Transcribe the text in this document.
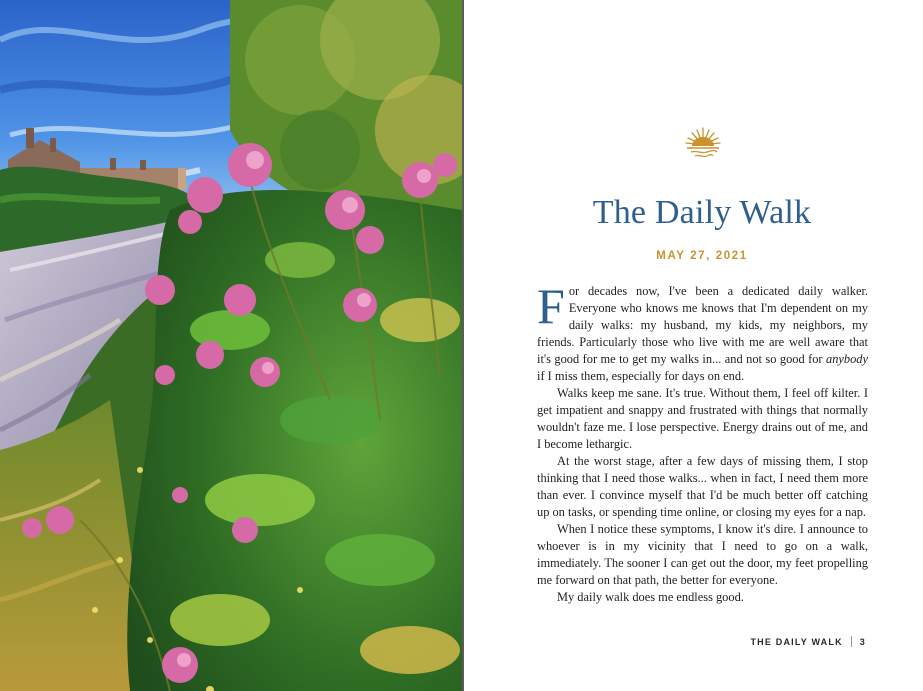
The Daily Walk
MAY 27, 2021

For decades now, I've been a dedicated daily walker. Everyone who knows me knows that I'm dependent on my daily walks: my husband, my kids, my neighbors, my friends. Particularly those who live with me are well aware that it's good for me to get my walks in... and not so good for anybody if I miss them, especially for days on end.

Walks keep me sane. It's true. Without them, I feel off kilter. I get impatient and snappy and frustrated with things that normally wouldn't faze me. I lose perspective. Energy drains out of me, and I become lethargic.

At the worst stage, after a few days of missing them, I stop thinking that I need those walks... when in fact, I need them more than ever. I convince myself that I'd be much better off catching up on tasks, or spending time online, or closing my eyes for a nap.

When I notice these symptoms, I know it's dire. I announce to whoever is in my vicinity that I need to go on a walk, immediately. The sooner I can get out the door, my feet propelling me forward on that path, the better for everyone.

My daily walk does me endless good.

THE DAILY WALK 3
